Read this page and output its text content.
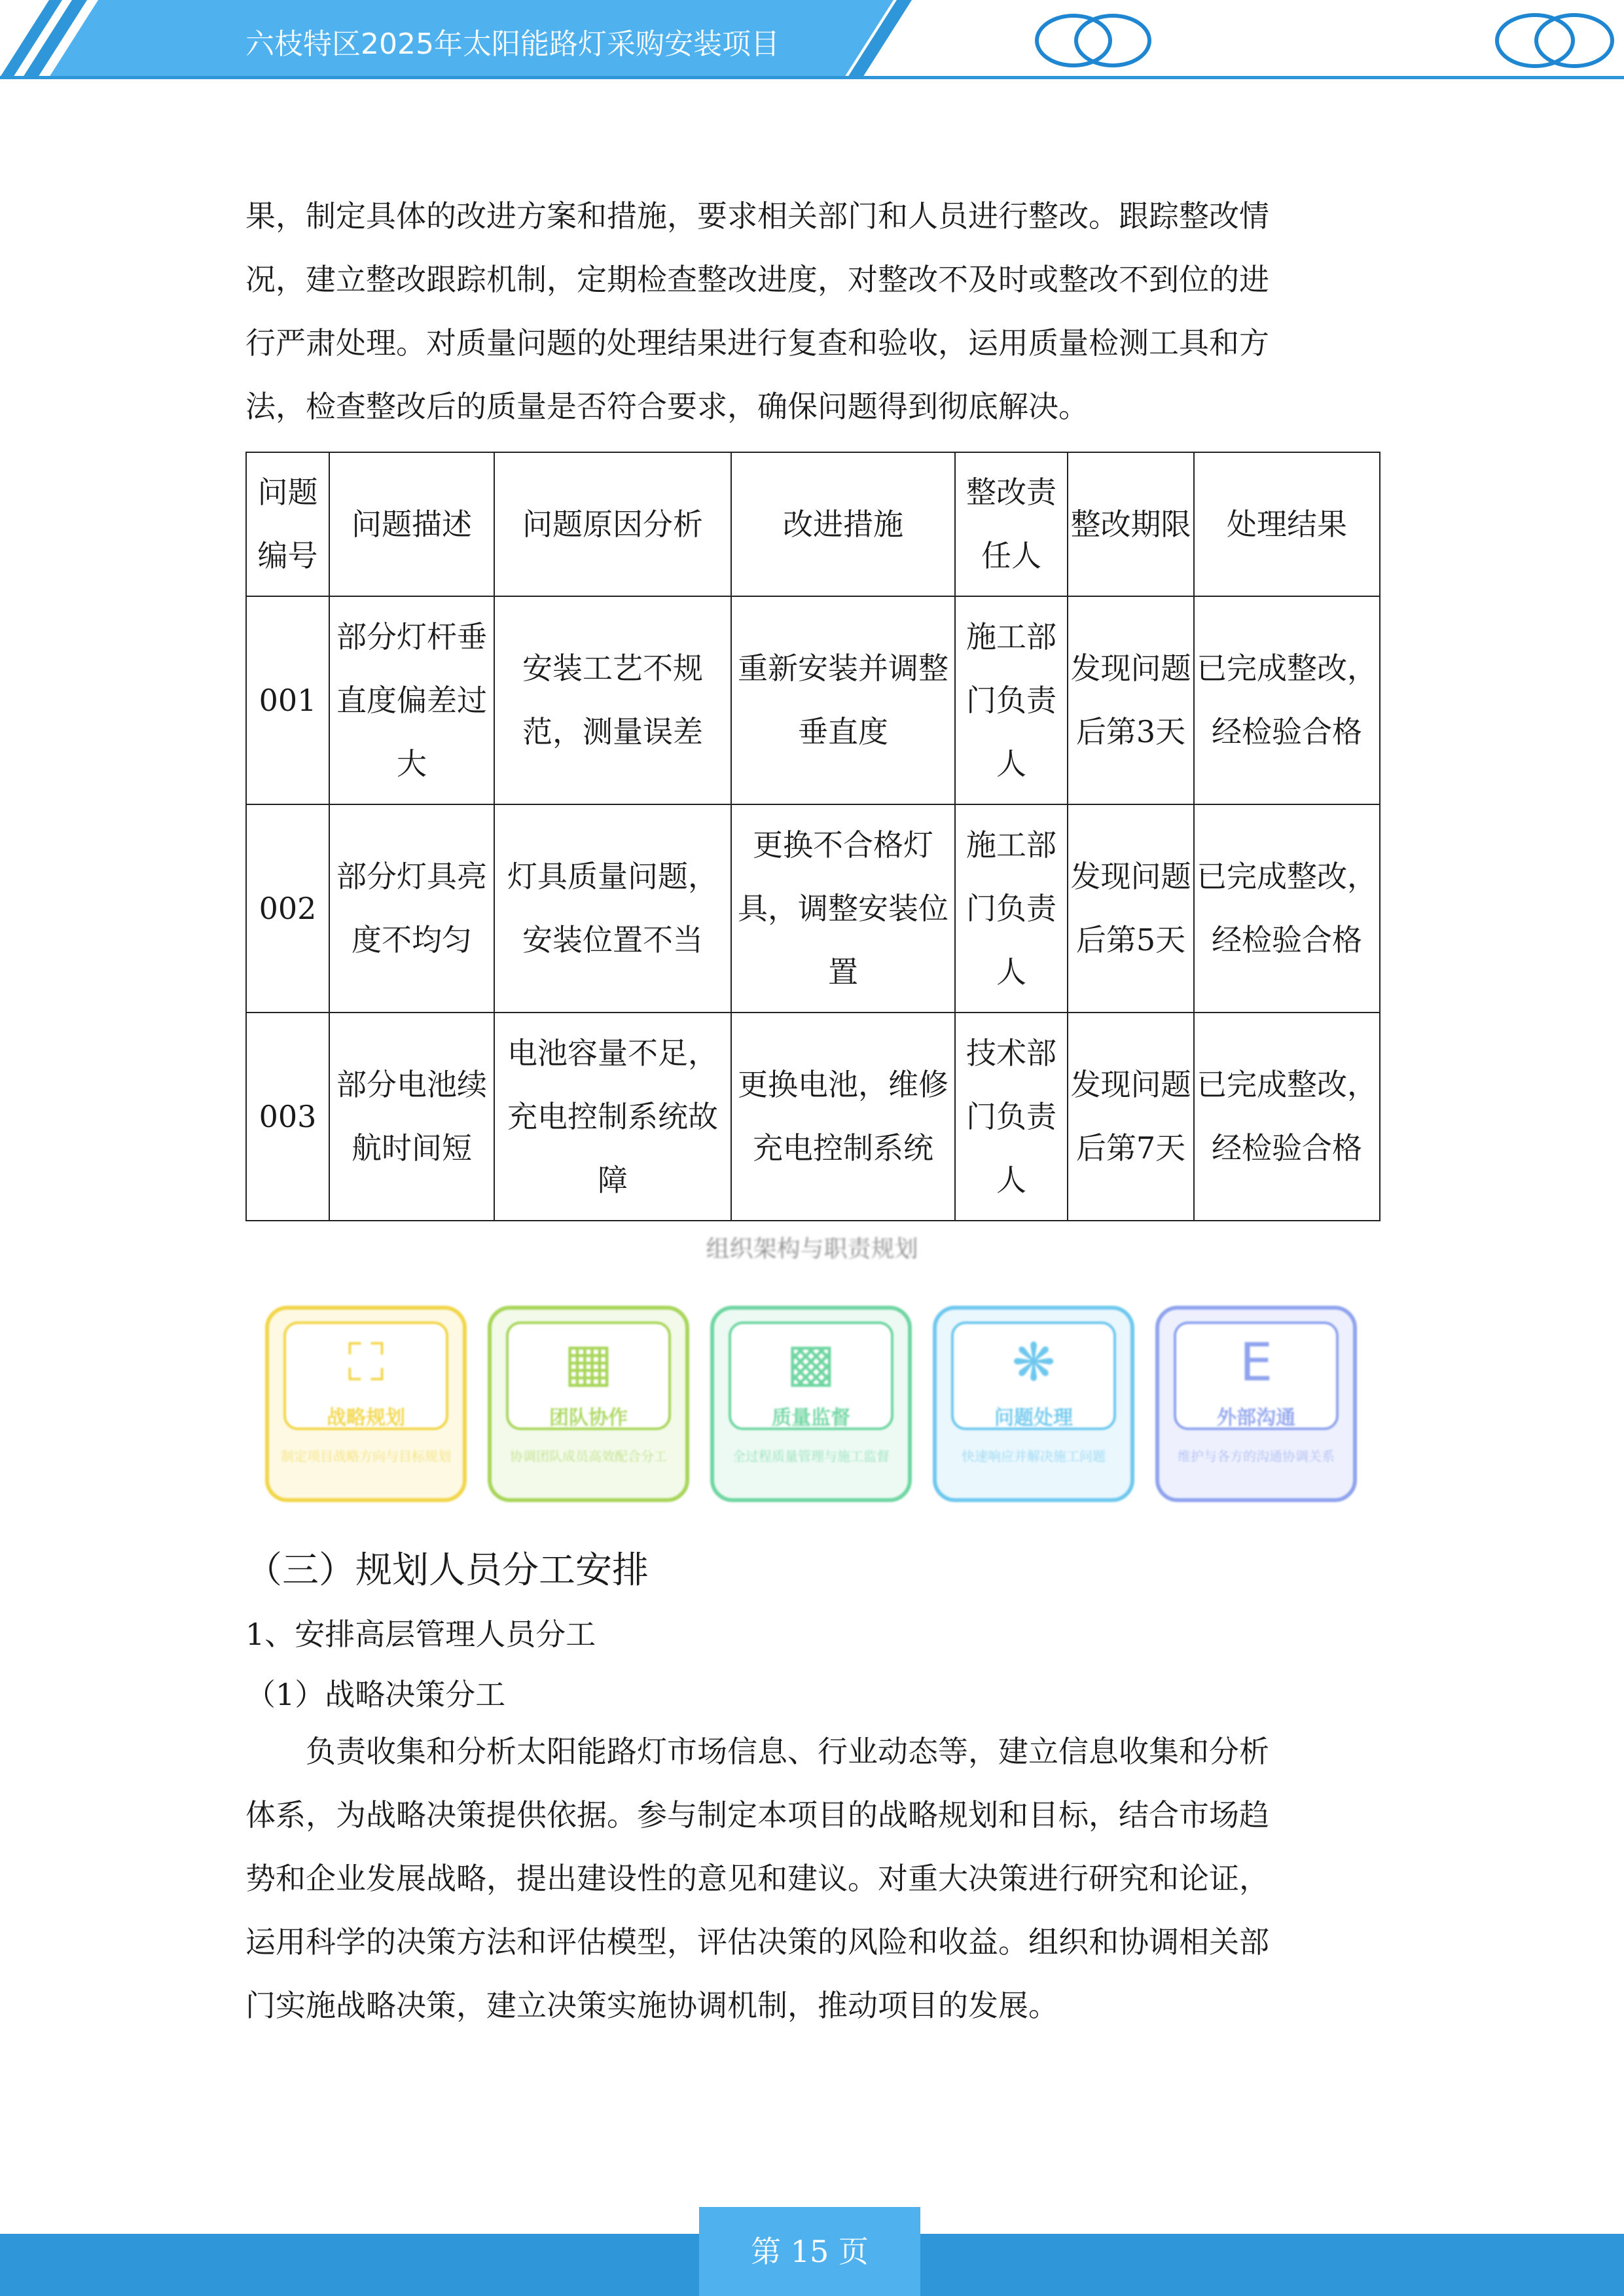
六枝特区2025年太阳能路灯采购安装项目

果，制定具体的改进方案和措施，要求相关部门和人员进行整改。跟踪整改情
况，建立整改跟踪机制，定期检查整改进度，对整改不及时或整改不到位的进
行严肃处理。对质量问题的处理结果进行复查和验收，运用质量检测工具和方
法，检查整改后的质量是否符合要求，确保问题得到彻底解决。

问题编号	问题描述	问题原因分析	改进措施	整改责任人	整改期限	处理结果
001	部分灯杆垂直度偏差过大	安装工艺不规范，测量误差	重新安装并调整垂直度	施工部门负责人	发现问题后第3天	已完成整改，经检验合格
002	部分灯具亮度不均匀	灯具质量问题，安装位置不当	更换不合格灯具，调整安装位置	施工部门负责人	发现问题后第5天	已完成整改，经检验合格
003	部分电池续航时间短	电池容量不足，充电控制系统故障	更换电池，维修充电控制系统	技术部门负责人	发现问题后第7天	已完成整改，经检验合格
组织架构与职责规划
⛶
战略规划
制定项目战略方向与目标规划
▦
团队协作
协调团队成员高效配合分工
▩
质量监督
全过程质量管理与施工监督
❋
问题处理
快速响应并解决施工问题
E
外部沟通
维护与各方的沟通协调关系
（三）规划人员分工安排
1、安排高层管理人员分工
（1）战略决策分工

负责收集和分析太阳能路灯市场信息、行业动态等，建立信息收集和分析
体系，为战略决策提供依据。参与制定本项目的战略规划和目标，结合市场趋
势和企业发展战略，提出建设性的意见和建议。对重大决策进行研究和论证，
运用科学的决策方法和评估模型，评估决策的风险和收益。组织和协调相关部
门实施战略决策，建立决策实施协调机制，推动项目的发展。

第 15 页
